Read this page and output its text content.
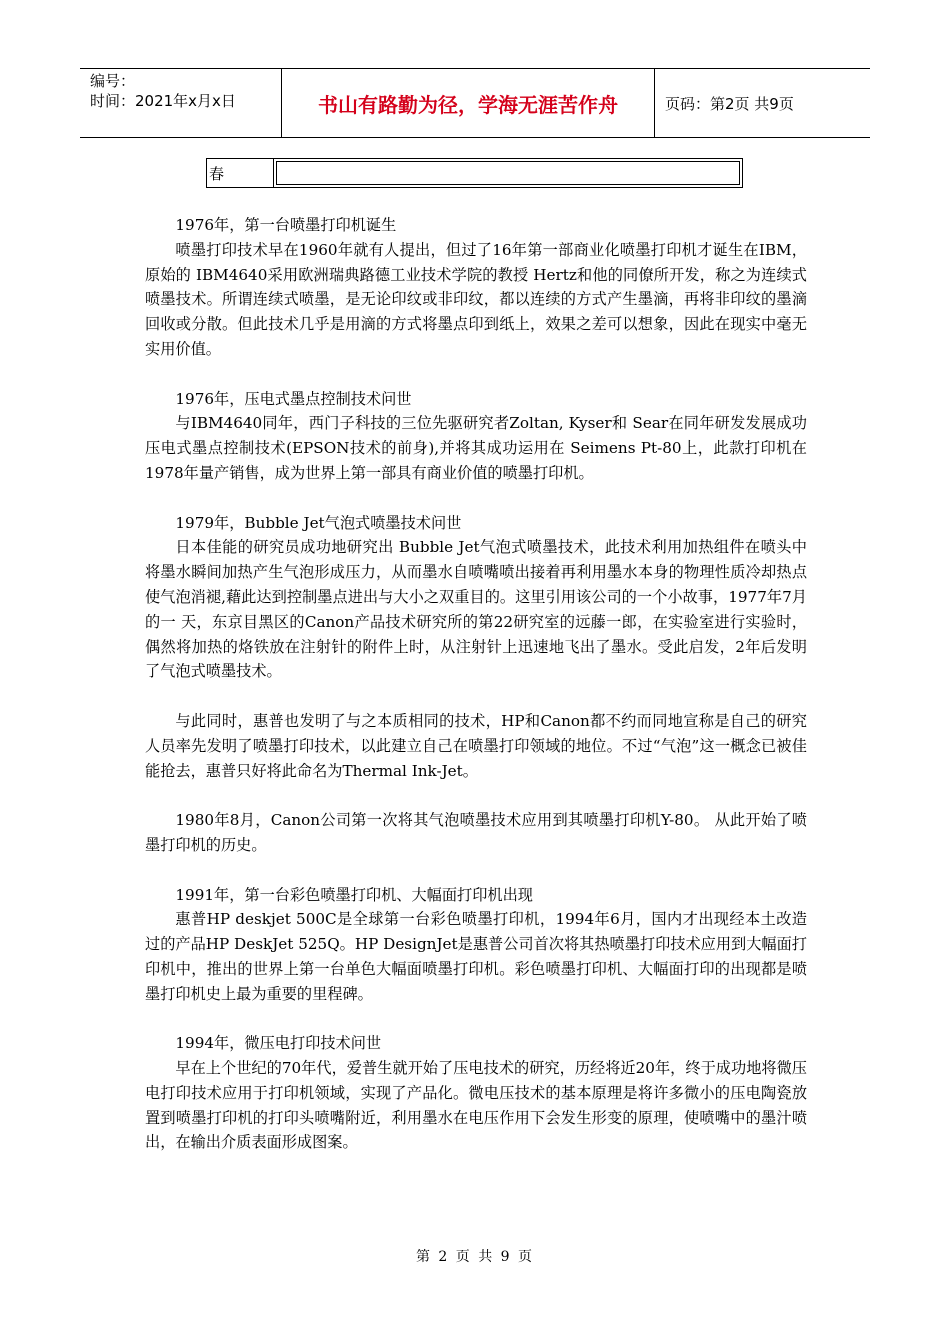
编号：
时间：2021年x月x日	书山有路勤为径，学海无涯苦作舟	页码：第2页 共9页
春

1976年，第一台喷墨打印机诞生

喷墨打印技术早在1960年就有人提出，但过了16年第一部商业化喷墨打印机才诞生在IBM，原始的 IBM4640采用欧洲瑞典路德工业技术学院的教授 Hertz和他的同僚所开发，称之为连续式喷墨技术。所谓连续式喷墨，是无论印纹或非印纹，都以连续的方式产生墨滴，再将非印纹的墨滴回收或分散。但此技术几乎是用滴的方式将墨点印到纸上，效果之差可以想象，因此在现实中毫无实用价值。

1976年，压电式墨点控制技术问世

与IBM4640同年，西门子科技的三位先驱研究者Zoltan, Kyser和 Sear在同年研发发展成功压电式墨点控制技术(EPSON技术的前身),并将其成功运用在 Seimens Pt-80上，此款打印机在1978年量产销售，成为世界上第一部具有商业价值的喷墨打印机。

1979年，Bubble Jet气泡式喷墨技术问世

日本佳能的研究员成功地研究出 Bubble Jet气泡式喷墨技术，此技术利用加热组件在喷头中将墨水瞬间加热产生气泡形成压力，从而墨水自喷嘴喷出接着再利用墨水本身的物理性质冷却热点使气泡消褪,藉此达到控制墨点进出与大小之双重目的。这里引用该公司的一个小故事，1977年7月的一 天，东京目黑区的Canon产品技术研究所的第22研究室的远藤一郎，在实验室进行实验时，偶然将加热的烙铁放在注射针的附件上时，从注射针上迅速地飞出了墨水。受此启发，2年后发明了气泡式喷墨技术。

与此同时，惠普也发明了与之本质相同的技术，HP和Canon都不约而同地宣称是自己的研究人员率先发明了喷墨打印技术，以此建立自己在喷墨打印领域的地位。不过“气泡”这一概念已被佳能抢去，惠普只好将此命名为Thermal Ink-Jet。

1980年8月，Canon公司第一次将其气泡喷墨技术应用到其喷墨打印机Y-80。 从此开始了喷墨打印机的历史。

1991年，第一台彩色喷墨打印机、大幅面打印机出现

惠普HP deskjet 500C是全球第一台彩色喷墨打印机，1994年6月，国内才出现经本土改造过的产品HP DeskJet 525Q。HP DesignJet是惠普公司首次将其热喷墨打印技术应用到大幅面打印机中，推出的世界上第一台单色大幅面喷墨打印机。彩色喷墨打印机、大幅面打印的出现都是喷墨打印机史上最为重要的里程碑。

1994年，微压电打印技术问世

早在上个世纪的70年代，爱普生就开始了压电技术的研究，历经将近20年，终于成功地将微压电打印技术应用于打印机领域，实现了产品化。微电压技术的基本原理是将许多微小的压电陶瓷放置到喷墨打印机的打印头喷嘴附近，利用墨水在电压作用下会发生形变的原理，使喷嘴中的墨汁喷出，在输出介质表面形成图案。

第 2 页 共 9 页
